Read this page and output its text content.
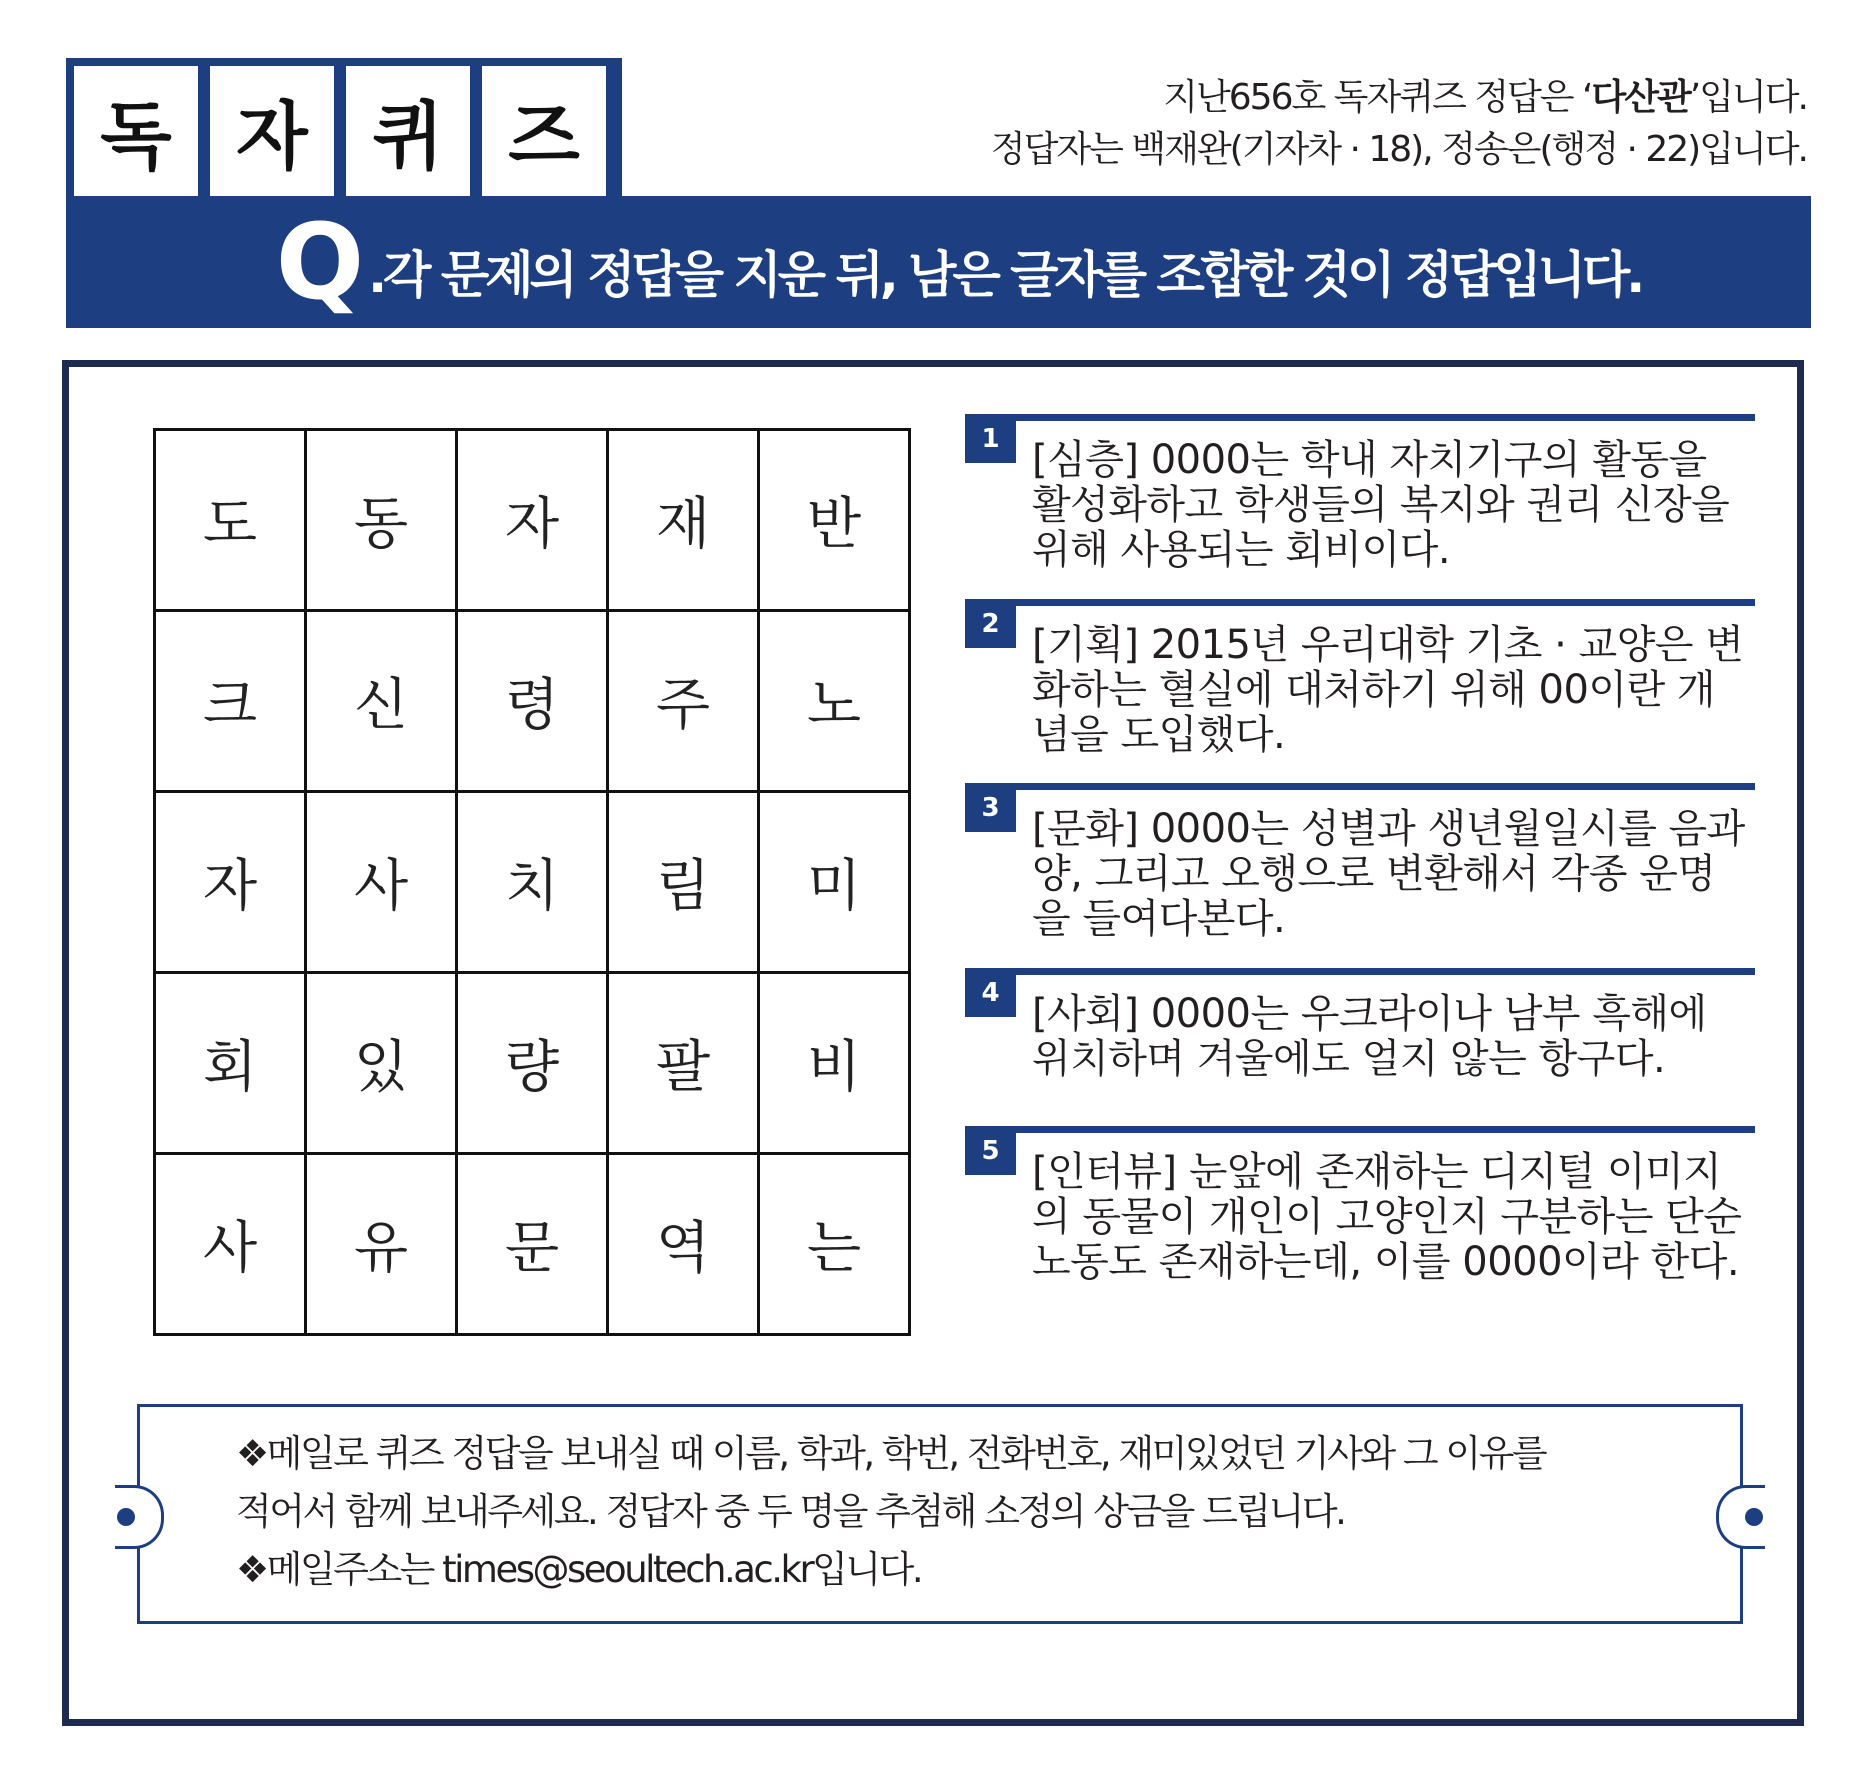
독 자 퀴 즈	지난656호 독자퀴즈 정답은 ‘다산관’입니다.
정답자는 백재완(기자차 · 18), 정송은(행정 · 22)입니다.
Q .각 문제의 정답을 지운 뒤, 남은 글자를 조합한 것이 정답입니다.
도	동	자	재	반
크	신	령	주	노
자	사	치	림	미
회	있	량	팔	비
사	유	문	역	는
1 [심층] 0000는 학내 자치기구의 활동을 활성화하고 학생들의 복지와 권리 신장을 위해 사용되는 회비이다.
2 [기획] 2015년 우리대학 기초 · 교양은 변화하는 혈실에 대처하기 위해 00이란 개념을 도입했다.
3 [문화] 0000는 성별과 생년월일시를 음과 양, 그리고 오행으로 변환해서 각종 운명을 들여다본다.
4 [사회] 0000는 우크라이나 남부 흑해에 위치하며 겨울에도 얼지 않는 항구다.
5 [인터뷰] 눈앞에 존재하는 디지털 이미지의 동물이 개인이 고양인지 구분하는 단순 노동도 존재하는데, 이를 0000이라 한다.
❖메일로 퀴즈 정답을 보내실 때 이름, 학과, 학번, 전화번호, 재미있었던 기사와 그 이유를
적어서 함께 보내주세요. 정답자 중 두 명을 추첨해 소정의 상금을 드립니다.
❖메일주소는 times@seoultech.ac.kr입니다.
